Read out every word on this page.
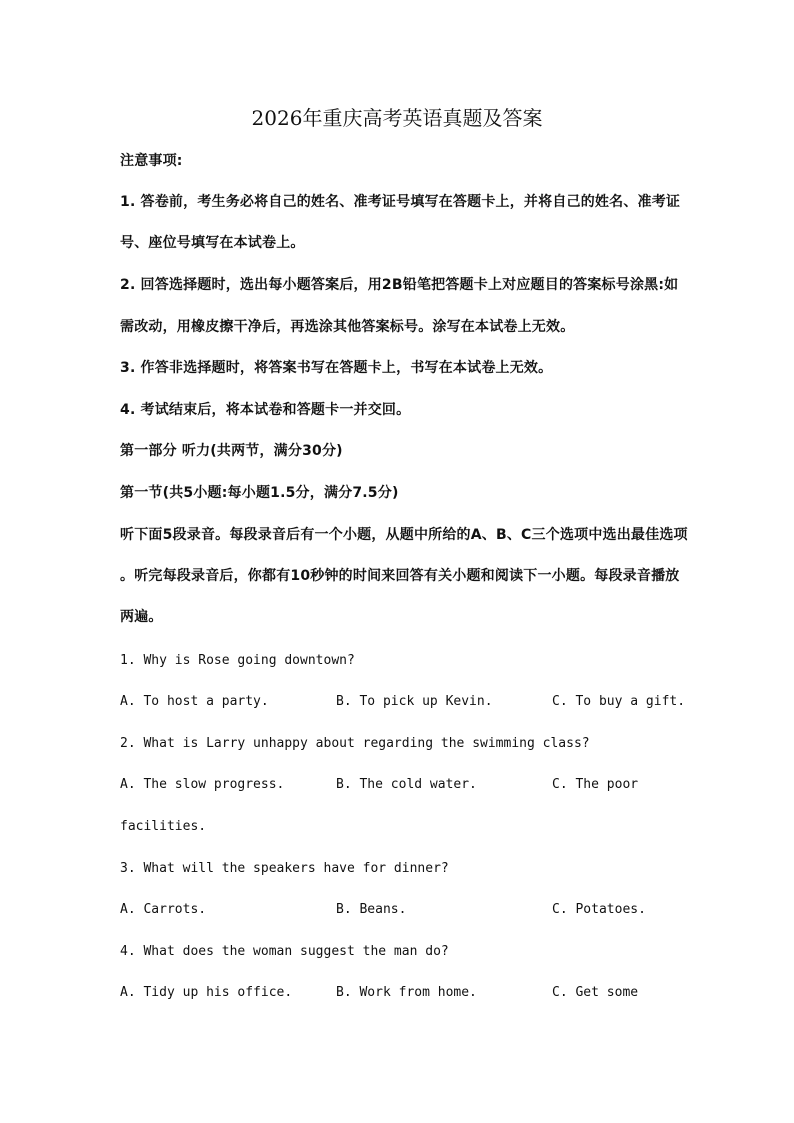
2026年重庆高考英语真题及答案
注意事项:
1. 答卷前，考生务必将自己的姓名、准考证号填写在答题卡上，并将自己的姓名、准考证
号、座位号填写在本试卷上。
2. 回答选择题时，选出每小题答案后，用2B铅笔把答题卡上对应题目的答案标号涂黑:如
需改动，用橡皮擦干净后，再选涂其他答案标号。涂写在本试卷上无效。
3. 作答非选择题时，将答案书写在答题卡上，书写在本试卷上无效。
4. 考试结束后，将本试卷和答题卡一并交回。
第一部分 听力(共两节，满分30分)
第一节(共5小题:每小题1.5分，满分7.5分)
听下面5段录音。每段录音后有一个小题，从题中所给的A、B、C三个选项中选出最佳选项
。听完每段录音后，你都有10秒钟的时间来回答有关小题和阅读下一小题。每段录音播放
两遍。
1. Why is Rose going downtown?
A. To host a party.	B. To pick up Kevin.	C. To buy a gift.
2. What is Larry unhappy about regarding the swimming class?
A. The slow progress.	B. The cold water.	C. The poor
facilities.
3. What will the speakers have for dinner?
A. Carrots.	B. Beans.	C. Potatoes.
4. What does the woman suggest the man do?
A. Tidy up his office.	B. Work from home.	C. Get some
